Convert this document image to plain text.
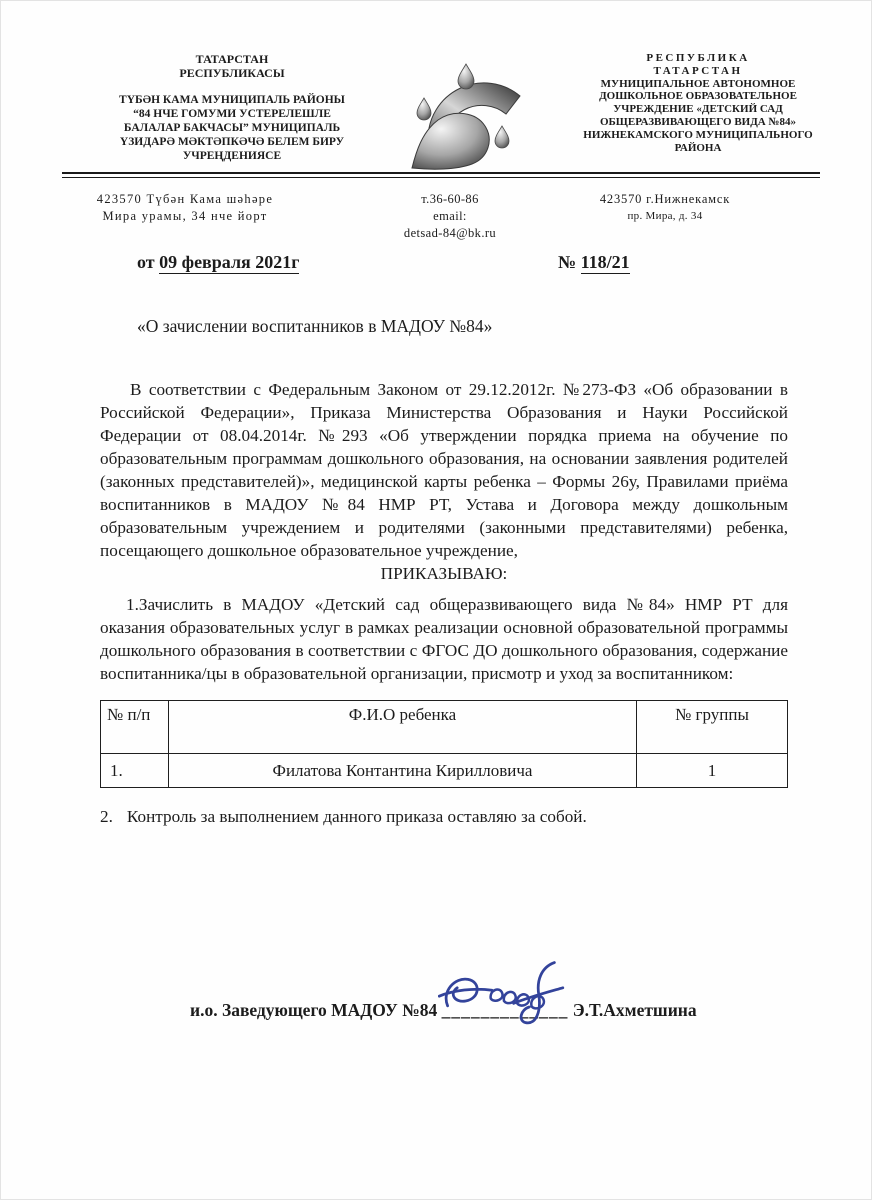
ТАТАРСТАН
РЕСПУБЛИКАСЫ
ТҮБӘН КАМА МУНИЦИПАЛЬ РАЙОНЫ
“84 НЧЕ ГОМУМИ УСТЕРЕЛЕШЛЕ
БАЛАЛАР БАКЧАСЫ” МУНИЦИПАЛЬ
ҮЗИДАРӘ МӘКТӘПКӘЧӘ БЕЛЕМ БИРУ
УЧРЕҢДЕНИЯСЕ
РЕСПУБЛИКА
ТАТАРСТАН
МУНИЦИПАЛЬНОЕ АВТОНОМНОЕ
ДОШКОЛЬНОЕ ОБРАЗОВАТЕЛЬНОЕ
УЧРЕЖДЕНИЕ «ДЕТСКИЙ САД
ОБЩЕРАЗВИВАЮЩЕГО ВИДА №84»
НИЖНЕКАМСКОГО МУНИЦИПАЛЬНОГО
РАЙОНА
423570 Түбән Кама шәһәре
Мира урамы, 34 нче йорт
т.36-60-86
email:
detsad-84@bk.ru
423570 г.Нижнекамск
пр. Мира, д. 34
от 09 февраля 2021г	№ 118/21
«О зачислении воспитанников в МАДОУ №84»

В соответствии с Федеральным Законом от 29.12.2012г. №273-ФЗ «Об образовании в Российской Федерации», Приказа Министерства Образования и Науки Российской Федерации от 08.04.2014г. №293 «Об утверждении порядка приема на обучение по образовательным программам дошкольного образования, на основании заявления родителей (законных представителей)», медицинской карты ребенка – Формы 26у, Правилами приёма воспитанников в МАДОУ №84 НМР РТ, Устава и Договора между дошкольным образовательным учреждением и родителями (законными представителями) ребенка, посещающего дошкольное образовательное учреждение,

ПРИКАЗЫВАЮ:

1.Зачислить в МАДОУ «Детский сад общеразвивающего вида №84» НМР РТ для оказания образовательных услуг в рамках реализации основной образовательной программы дошкольного образования в соответствии с ФГОС ДО дошкольного образования, содержание воспитанника/цы в образовательной организации, присмотр и уход за воспитанником:

№ п/п	Ф.И.О ребенка	№ группы
1.	Филатова Контантина Кирилловича	1

2. Контроль за выполнением данного приказа оставляю за собой.

и.о. Заведующего МАДОУ №84 _____________ Э.Т.Ахметшина
